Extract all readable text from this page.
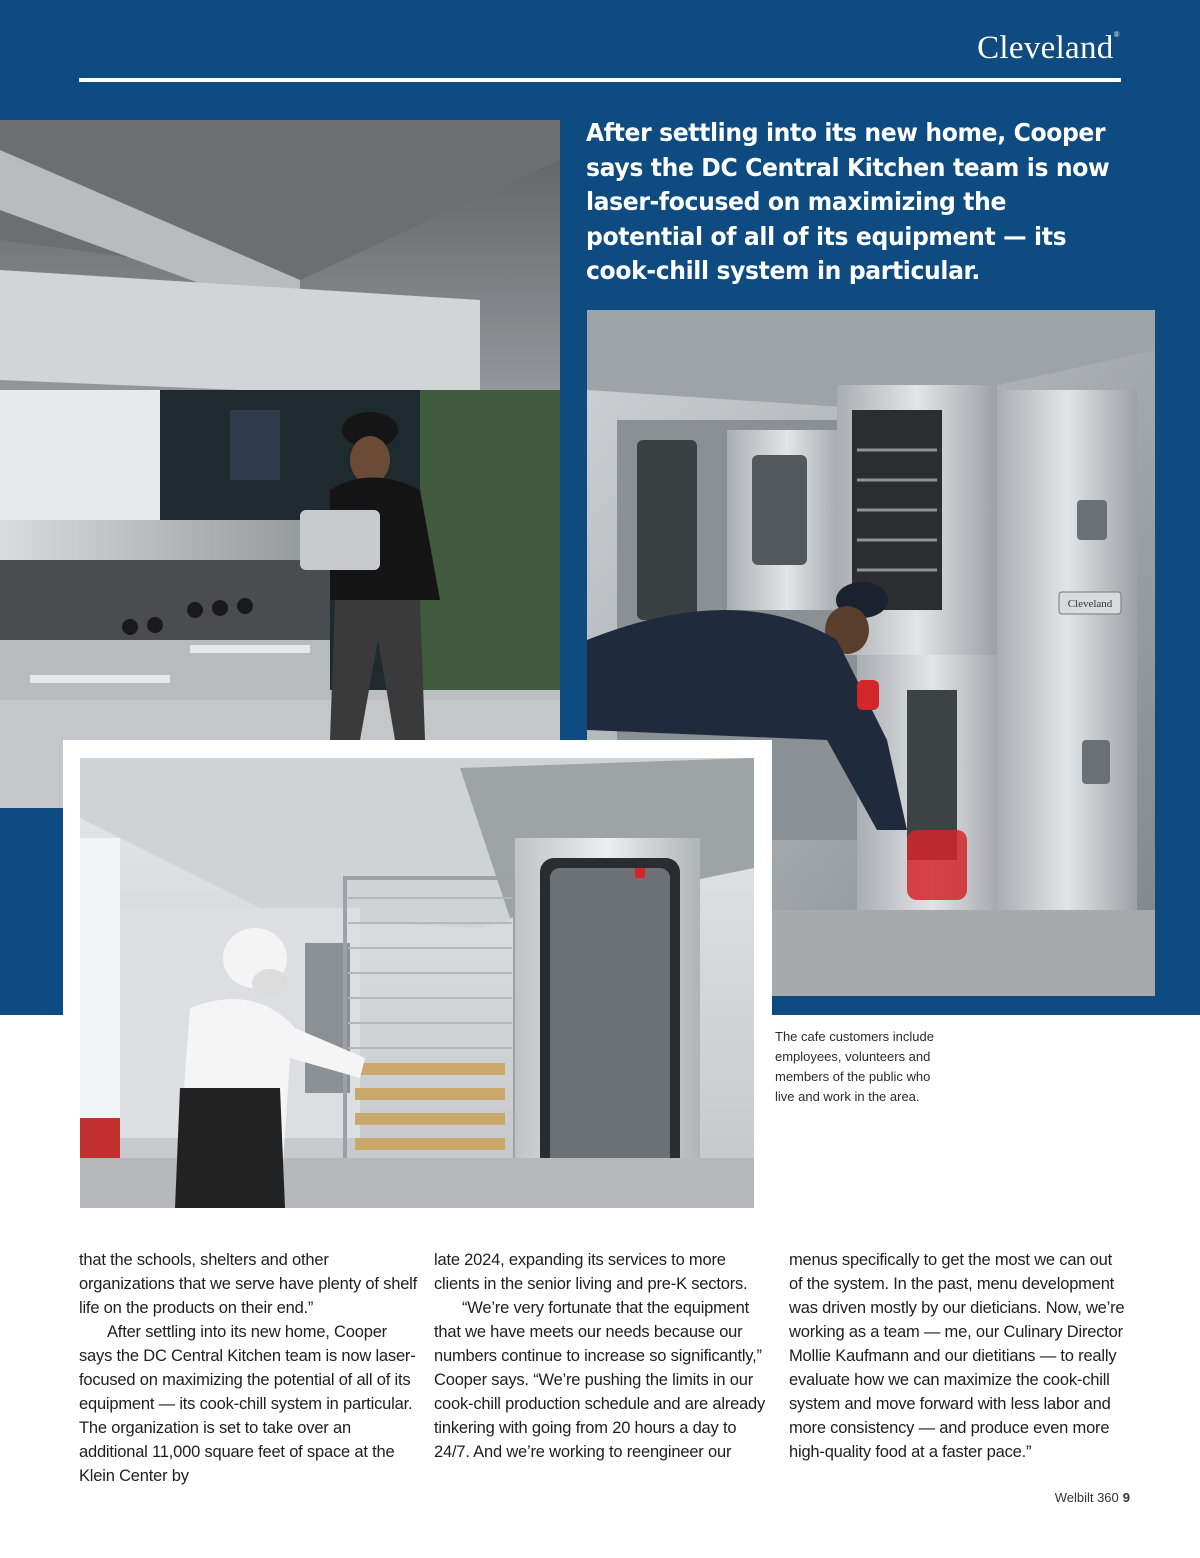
Cleveland®
After settling into its new home, Cooper says the DC Central Kitchen team is now laser-focused on maximizing the potential of all of its equipment — its cook-chill system in particular.
Cleveland
The cafe customers include employees, volunteers and members of the public who live and work in the area.

that the schools, shelters and other organizations that we serve have plenty of shelf life on the products on their end.”

After settling into its new home, Cooper says the DC Central Kitchen team is now laser-focused on maximizing the potential of all of its equipment — its cook-chill system in particular. The organization is set to take over an additional 11,000 square feet of space at the Klein Center by

late 2024, expanding its services to more clients in the senior living and pre-K sectors.

“We’re very fortunate that the equipment that we have meets our needs because our numbers continue to increase so significantly,” Cooper says. “We’re pushing the limits in our cook-chill production schedule and are already tinkering with going from 20 hours a day to 24/7. And we’re working to reengineer our

menus specifically to get the most we can out of the system. In the past, menu development was driven mostly by our dieticians. Now, we’re working as a team — me, our Culinary Director Mollie Kaufmann and our dietitians — to really evaluate how we can maximize the cook-chill system and move forward with less labor and more consistency — and produce even more high-quality food at a faster pace.”

Welbilt 360 9
